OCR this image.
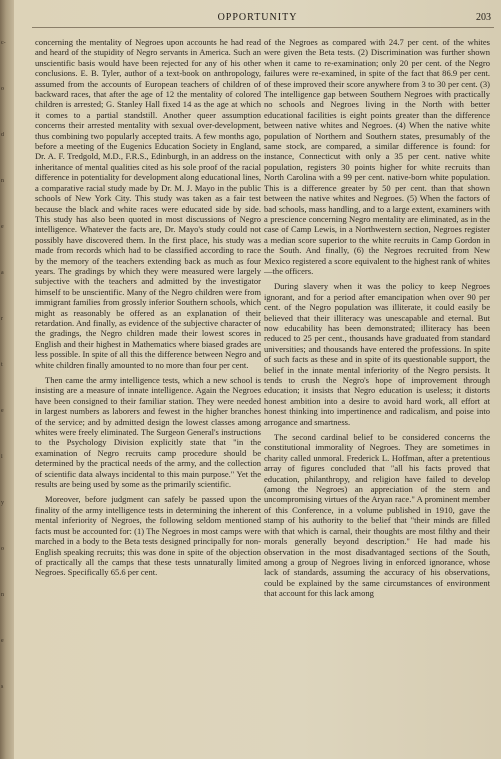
c-
o
d
n
e
a
r
t
e
l
y
o
n
e
s
OPPORTUNITY	203

concerning the mentality of Negroes upon accounts he had read and heard of the stupidity of Negro servants in America. Such an unscientific basis would have been rejected for any of his other conclusions. E. B. Tyler, author of a text-book on anthropology, assumed from the accounts of European teachers of children of backward races, that after the age of 12 the mentality of colored children is arrested; G. Stanley Hall fixed 14 as the age at which it comes to a partial standstill. Another queer assumption concerns their arrested mentality with sexual over-development, thus combining two popularly accepted traits. A few months ago, before a meeting of the Eugenics Education Society in England, Dr. A. F. Tredgold, M.D., F.R.S., Edinburgh, in an address on the inheritance of mental qualities cited as his sole proof of the racial difference in potentiality for development along educational lines, a comparative racial study made by Dr. M. J. Mayo in the public schools of New York City. This study was taken as a fair test because the black and white races were educated side by side. This study has also been quoted in most discussions of Negro intelligence. Whatever the facts are, Dr. Mayo's study could not possibly have discovered them. In the first place, his study was made from records which had to be classified according to race by the memory of the teachers extending back as much as four years. The gradings by which they were measured were largely subjective with the teachers and admitted by the investigator himself to be unscientific. Many of the Negro children were from immigrant families from grossly inferior Southern schools, which might as reasonably be offered as an explanation of their retardation. And finally, as evidence of the subjective character of the gradings, the Negro children made their lowest scores in English and their highest in Mathematics where biased grades are less possible. In spite of all this the difference between Negro and white children finally amounted to no more than four per cent.

Then came the army intelligence tests, which a new school is insisting are a measure of innate intelligence. Again the Negroes have been consigned to their familiar station. They were needed in largest numbers as laborers and fewest in the higher branches of the service; and by admitted design the lowest classes among whites were freely eliminated. The Surgeon General's instructions to the Psychology Division explicitly state that "in the examination of Negro recruits camp procedure should be determined by the practical needs of the army, and the collection of scientific data always incidental to this main purpose." Yet the results are being used by some as the primarily scientific.

Moreover, before judgment can safely be passed upon the finality of the army intelligence tests in determining the inherent mental inferiority of Negroes, the following seldom mentioned facts must be accounted for: (1) The Negroes in most camps were marched in a body to the Beta tests designed principally for non-English speaking recruits; this was done in spite of the objection of practically all the camps that these tests unnaturally limited Negroes. Specifically 65.6 per cent.

of the Negroes as compared with 24.7 per cent. of the whites were given the Beta tests. (2) Discrimination was further shown when it came to re-examination; only 20 per cent. of the Negro failures were re-examined, in spite of the fact that 86.9 per cent. of these improved their score anywhere from 3 to 30 per cent. (3) The intelligence gap between Southern Negroes with practically no schools and Negroes living in the North with better educational facilities is eight points greater than the difference between native whites and Negroes. (4) When the native white population of Northern and Southern states, presumably of the same stock, are compared, a similar difference is found: for instance, Connecticut with only a 35 per cent. native white population, registers 30 points higher for white recruits than North Carolina with a 99 per cent. native-born white population. This is a difference greater by 50 per cent. than that shown between the native whites and Negroes. (5) When the factors of bad schools, mass handling, and to a large extent, examiners with a prescience concerning Negro mentality are eliminated, as in the case of Camp Lewis, in a Northwestern section, Negroes register a median score superior to the white recruits in Camp Gordon in the South. And finally, (6) the Negroes recruited from New Mexico registered a score equivalent to the highest rank of whites—the officers.

During slavery when it was the policy to keep Negroes ignorant, and for a period after emancipation when over 90 per cent. of the Negro population was illiterate, it could easily be believed that their illiteracy was unescapable and eternal. But now educability has been demonstrated; illiteracy has been reduced to 25 per cent., thousands have graduated from standard universities; and thousands have entered the professions. In spite of such facts as these and in spite of its questionable support, the belief in the innate mental inferiority of the Negro persists. It tends to crush the Negro's hope of improvement through education; it insists that Negro education is useless; it distorts honest ambition into a desire to avoid hard work, all effort at honest thinking into impertinence and radicalism, and poise into arrogance and smartness.

The second cardinal belief to be considered concerns the constitutional immorality of Negroes. They are sometimes in charity called unmoral. Frederick L. Hoffman, after a pretentious array of figures concluded that "all his facts proved that education, philanthropy, and religion have failed to develop (among the Negroes) an appreciation of the stern and uncompromising virtues of the Aryan race." A prominent member of this Conference, in a volume published in 1910, gave the stamp of his authority to the belief that "their minds are filled with that which is carnal, their thoughts are most filthy and their morals generally beyond description." He had made his observation in the most disadvantaged sections of the South, among a group of Negroes living in enforced ignorance, whose lack of standards, assuming the accuracy of his observations, could be explained by the same circumstances of environment that account for this lack among
